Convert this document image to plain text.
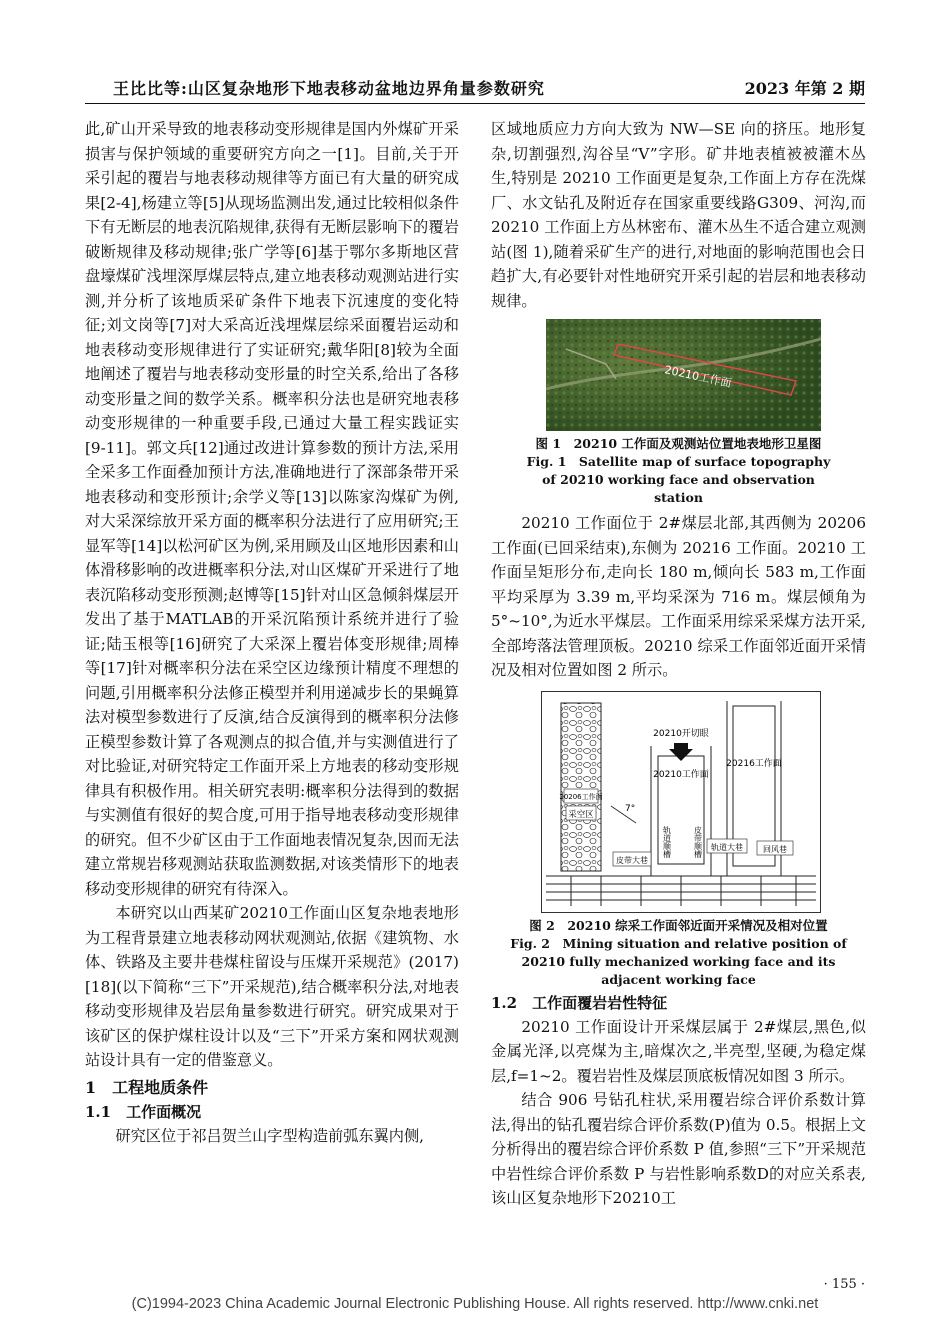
王比比等:山区复杂地形下地表移动盆地边界角量参数研究	2023 年第 2 期

此,矿山开采导致的地表移动变形规律是国内外煤矿开采损害与保护领域的重要研究方向之一[1]。目前,关于开采引起的覆岩与地表移动规律等方面已有大量的研究成果[2-4],杨建立等[5]从现场监测出发,通过比较相似条件下有无断层的地表沉陷规律,获得有无断层影响下的覆岩破断规律及移动规律;张广学等[6]基于鄂尔多斯地区营盘壕煤矿浅埋深厚煤层特点,建立地表移动观测站进行实测,并分析了该地质采矿条件下地表下沉速度的变化特征;刘文岗等[7]对大采高近浅埋煤层综采面覆岩运动和地表移动变形规律进行了实证研究;戴华阳[8]较为全面地阐述了覆岩与地表移动变形量的时空关系,给出了各移动变形量之间的数学关系。概率积分法也是研究地表移动变形规律的一种重要手段,已通过大量工程实践证实[9-11]。郭文兵[12]通过改进计算参数的预计方法,采用全采多工作面叠加预计方法,准确地进行了深部条带开采地表移动和变形预计;余学义等[13]以陈家沟煤矿为例,对大采深综放开采方面的概率积分法进行了应用研究;王显军等[14]以松河矿区为例,采用顾及山区地形因素和山体滑移影响的改进概率积分法,对山区煤矿开采进行了地表沉陷移动变形预测;赵博等[15]针对山区急倾斜煤层开发出了基于MATLAB的开采沉陷预计系统并进行了验证;陆玉根等[16]研究了大采深上覆岩体变形规律;周棒等[17]针对概率积分法在采空区边缘预计精度不理想的问题,引用概率积分法修正模型并利用递减步长的果蝇算法对模型参数进行了反演,结合反演得到的概率积分法修正模型参数计算了各观测点的拟合值,并与实测值进行了对比验证,对研究特定工作面开采上方地表的移动变形规律具有积极作用。相关研究表明:概率积分法得到的数据与实测值有很好的契合度,可用于指导地表移动变形规律的研究。但不少矿区由于工作面地表情况复杂,因而无法建立常规岩移观测站获取监测数据,对该类情形下的地表移动变形规律的研究有待深入。

本研究以山西某矿20210工作面山区复杂地表地形为工程背景建立地表移动网状观测站,依据《建筑物、水体、铁路及主要井巷煤柱留设与压煤开采规范》(2017)[18](以下简称“三下”开采规范),结合概率积分法,对地表移动变形规律及岩层角量参数进行研究。研究成果对于该矿区的保护煤柱设计以及“三下”开采方案和网状观测站设计具有一定的借鉴意义。

1　工程地质条件
1.1　工作面概况

研究区位于祁吕贺兰山字型构造前弧东翼内侧,

区域地质应力方向大致为 NW—SE 向的挤压。地形复杂,切割强烈,沟谷呈“V”字形。矿井地表植被被灌木丛生,特别是 20210 工作面更是复杂,工作面上方存在洗煤厂、水文钻孔及附近存在国家重要线路G309、河沟,而 20210 工作面上方丛林密布、灌木丛生不适合建立观测站(图 1),随着采矿生产的进行,对地面的影响范围也会日趋扩大,有必要针对性地研究开采引起的岩层和地表移动规律。

20210工作面

图 1　20210 工作面及观测站位置地表地形卫星图

Fig. 1　Satellite map of surface topography of 20210 working face and observation station

20210 工作面位于 2#煤层北部,其西侧为 20206 工作面(已回采结束),东侧为 20216 工作面。20210 工作面呈矩形分布,走向长 180 m,倾向长 583 m,工作面平均采厚为 3.39 m,平均采深为 716 m。煤层倾角为 5°~10°,为近水平煤层。工作面采用综采采煤方法开采,全部垮落法管理顶板。20210 综采工作面邻近面开采情况及相对位置如图 2 所示。

20206工作面
采空区
20210开切眼
20210工作面
20216工作面
7°
轨道顺槽	皮带顺槽
皮带大巷
轨道大巷	回风巷

图 2　20210 综采工作面邻近面开采情况及相对位置

Fig. 2　Mining situation and relative position of 20210 fully mechanized working face and its adjacent working face

1.2　工作面覆岩岩性特征

20210 工作面设计开采煤层属于 2#煤层,黑色,似金属光泽,以亮煤为主,暗煤次之,半亮型,坚硬,为稳定煤层,f=1~2。覆岩岩性及煤层顶底板情况如图 3 所示。

结合 906 号钻孔柱状,采用覆岩综合评价系数计算法,得出的钻孔覆岩综合评价系数(P)值为 0.5。根据上文分析得出的覆岩综合评价系数 P 值,参照“三下”开采规范中岩性综合评价系数 P 与岩性影响系数D的对应关系表,该山区复杂地形下20210工

· 155 ·
(C)1994-2023 China Academic Journal Electronic Publishing House. All rights reserved. http://www.cnki.net
